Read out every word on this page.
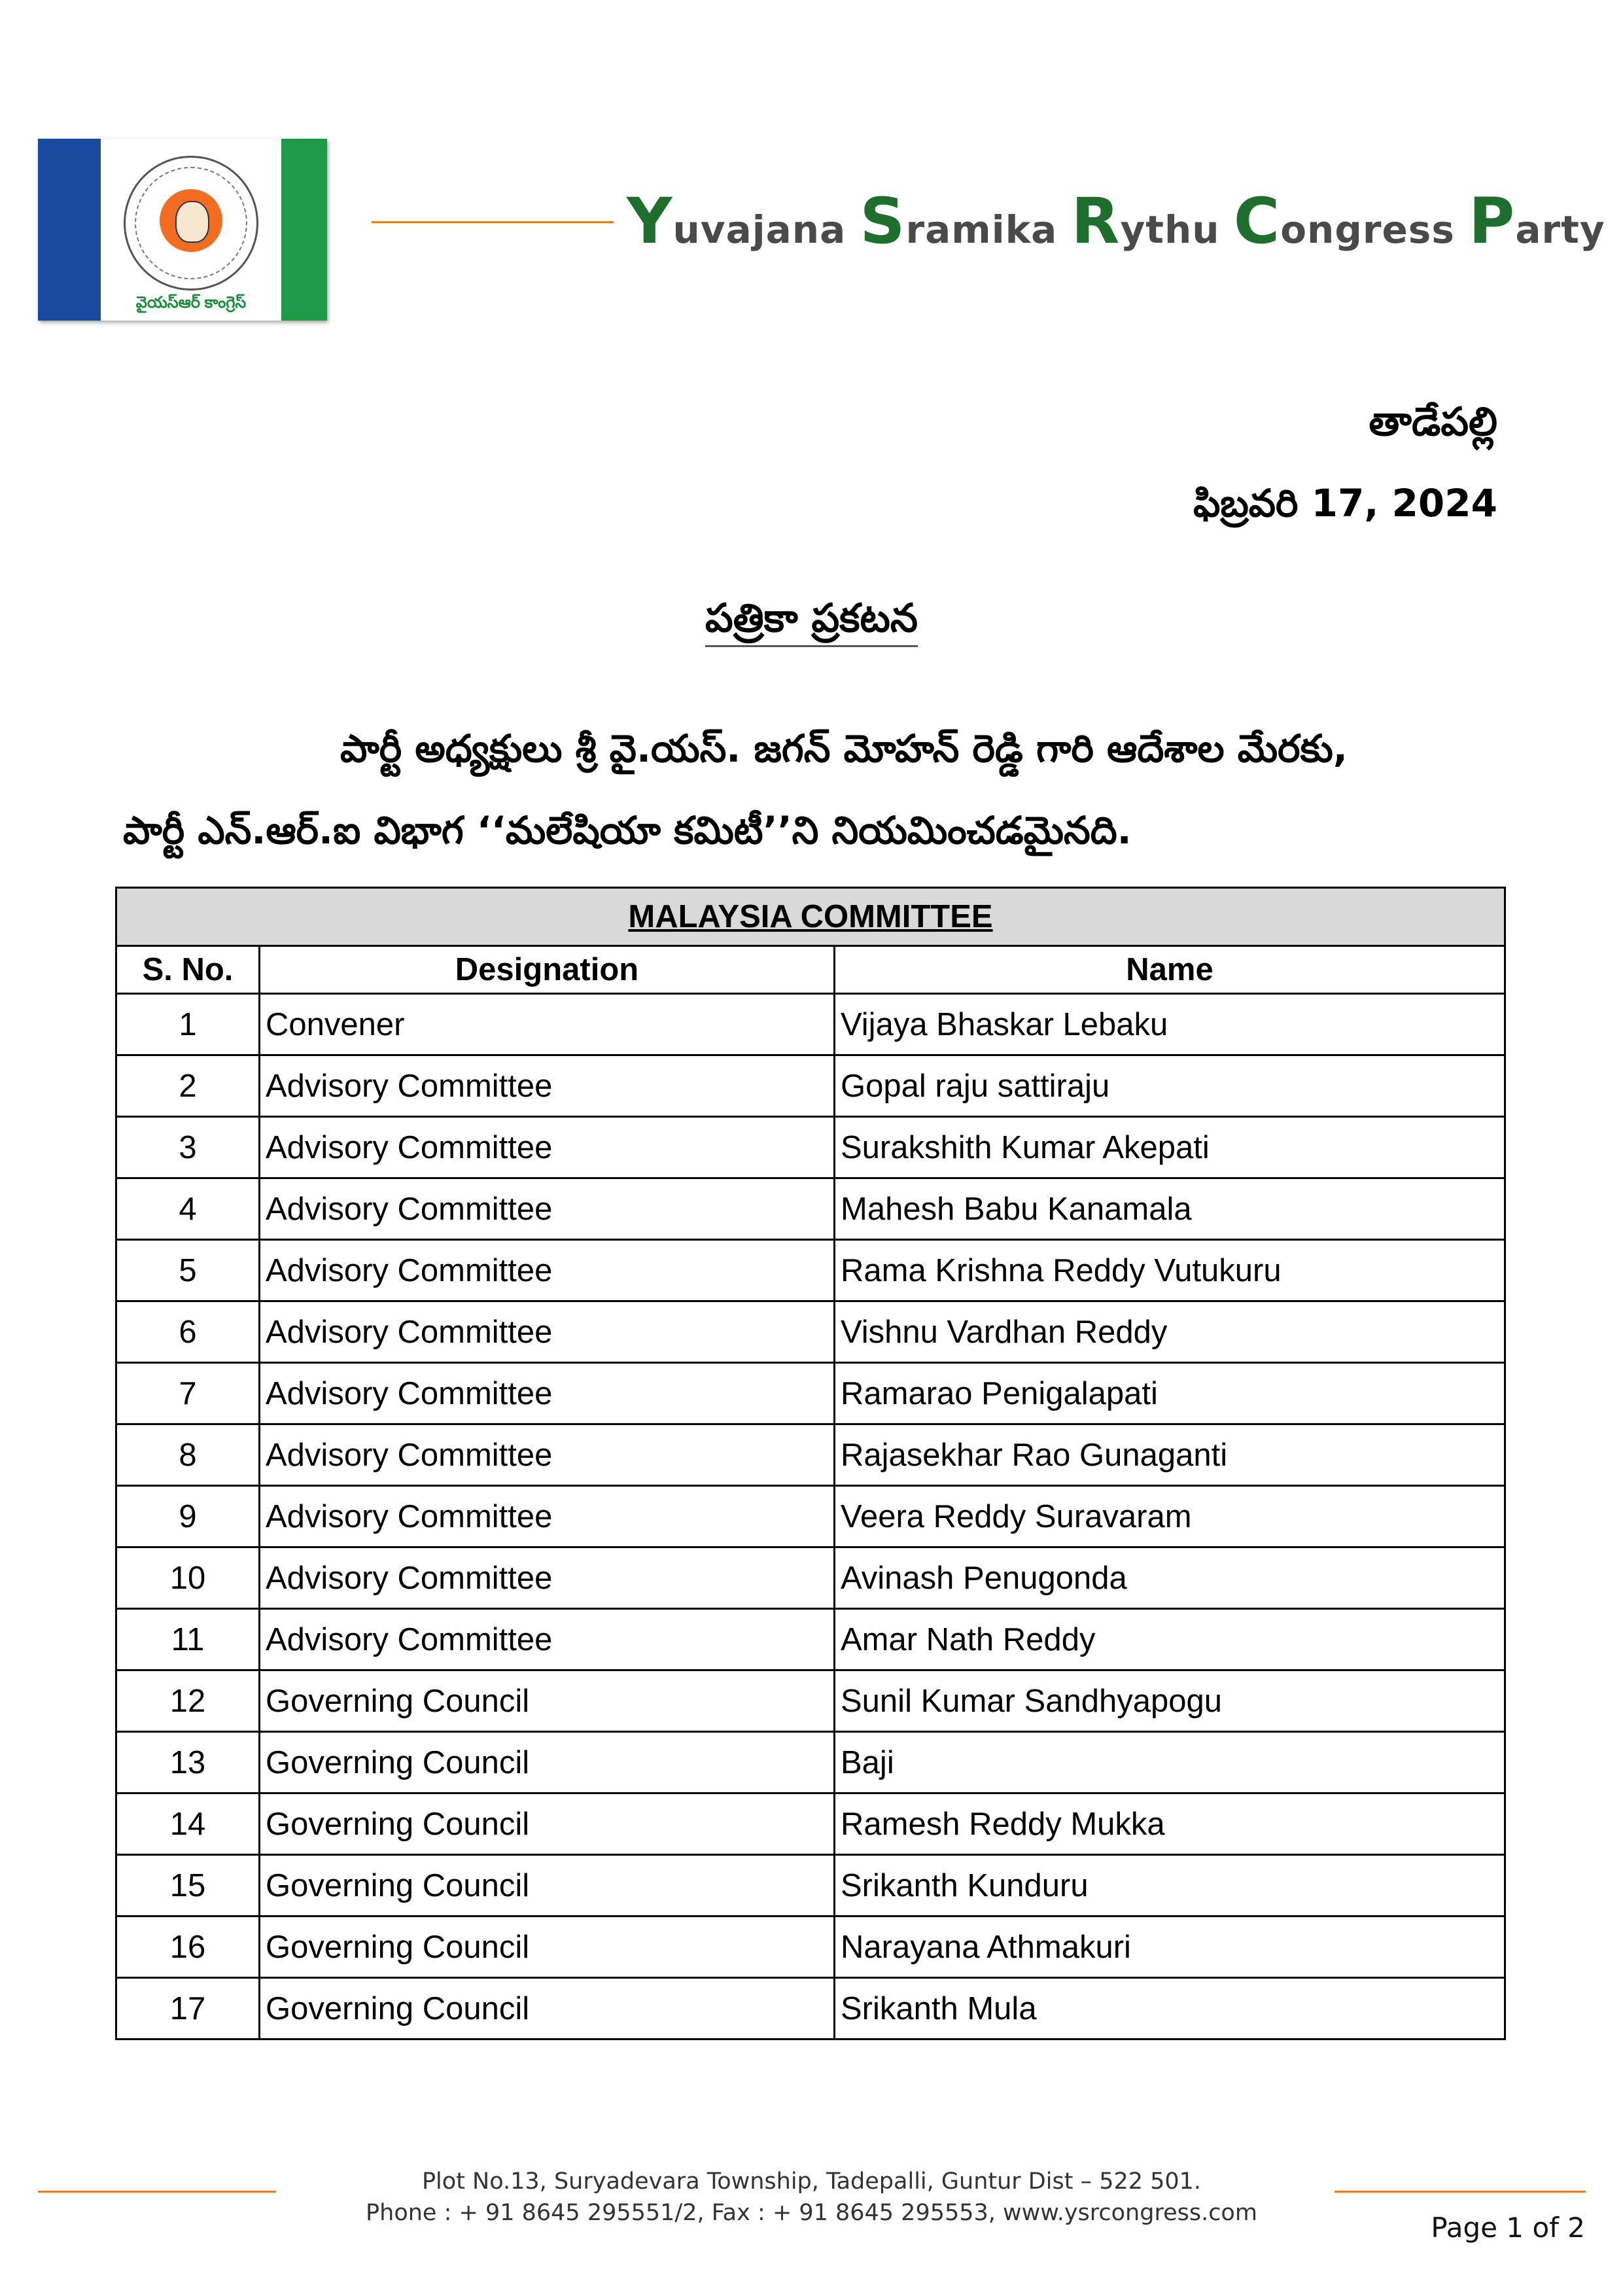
వైయస్ఆర్ కాంగ్రెస్
Yuvajana Sramika Rythu Congress Party
తాడేపల్లి
ఫిబ్రవరి 17, 2024
పత్రికా ప్రకటన
పార్టీ అధ్యక్షులు శ్రీ వై.యస్. జగన్ మోహన్ రెడ్డి గారి ఆదేశాల మేరకు,
పార్టీ ఎన్.ఆర్.ఐ విభాగ ‘‘మలేషియా కమిటీ’’ని నియమించడమైనది.
MALAYSIA COMMITTEE		
S. No.	Designation	Name
1	Convener	Vijaya Bhaskar Lebaku
2	Advisory Committee	Gopal raju sattiraju
3	Advisory Committee	Surakshith Kumar Akepati
4	Advisory Committee	Mahesh Babu Kanamala
5	Advisory Committee	Rama Krishna Reddy Vutukuru
6	Advisory Committee	Vishnu Vardhan Reddy
7	Advisory Committee	Ramarao Penigalapati
8	Advisory Committee	Rajasekhar Rao Gunaganti
9	Advisory Committee	Veera Reddy Suravaram
10	Advisory Committee	Avinash Penugonda
11	Advisory Committee	Amar Nath Reddy
12	Governing Council	Sunil Kumar Sandhyapogu
13	Governing Council	Baji
14	Governing Council	Ramesh Reddy Mukka
15	Governing Council	Srikanth Kunduru
16	Governing Council	Narayana Athmakuri
17	Governing Council	Srikanth Mula
Plot No.13, Suryadevara Township, Tadepalli, Guntur Dist – 522 501.
Phone : + 91 8645 295551/2, Fax : + 91 8645 295553, www.ysrcongress.com	Page 1 of 2
